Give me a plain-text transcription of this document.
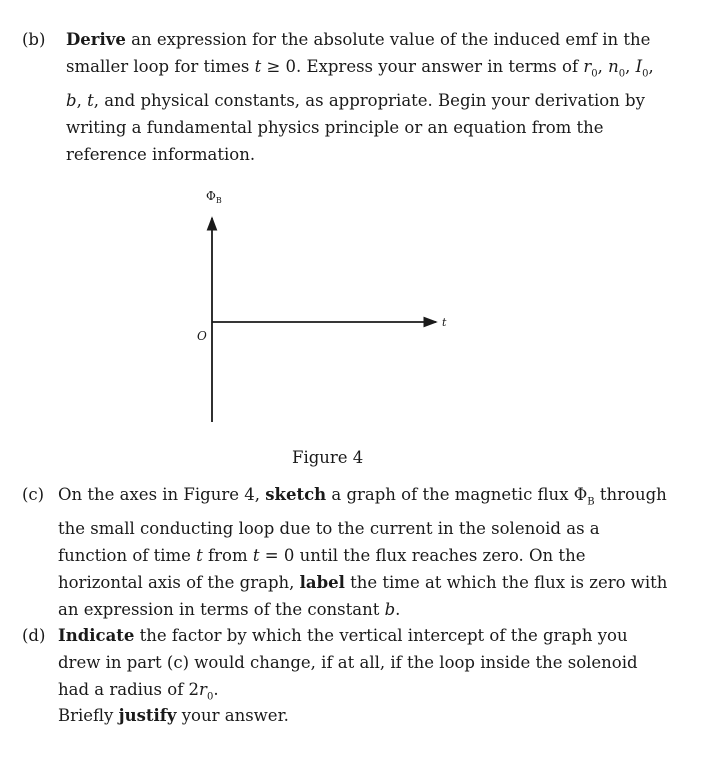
(b) Derive an expression for the absolute value of the induced emf in the smaller loop for times t ≥ 0. Express your answer in terms of $r_0$, $n_0$, $I_0$, b, t, and physical constants, as appropriate. Begin your derivation by writing a fundamental physics principle or an equation from the reference information.
$\Phi_B$
t
O
Figure 4
(c) On the axes in Figure 4, sketch a graph of the magnetic flux $\Phi_B$ through the small conducting loop due to the current in the solenoid as a function of time t from t = 0 until the flux reaches zero. On the horizontal axis of the graph, label the time at which the flux is zero with an expression in terms of the constant b.
(d) Indicate the factor by which the vertical intercept of the graph you drew in part (c) would change, if at all, if the loop inside the solenoid had a radius of $2r_0$.
Briefly justify your answer.
